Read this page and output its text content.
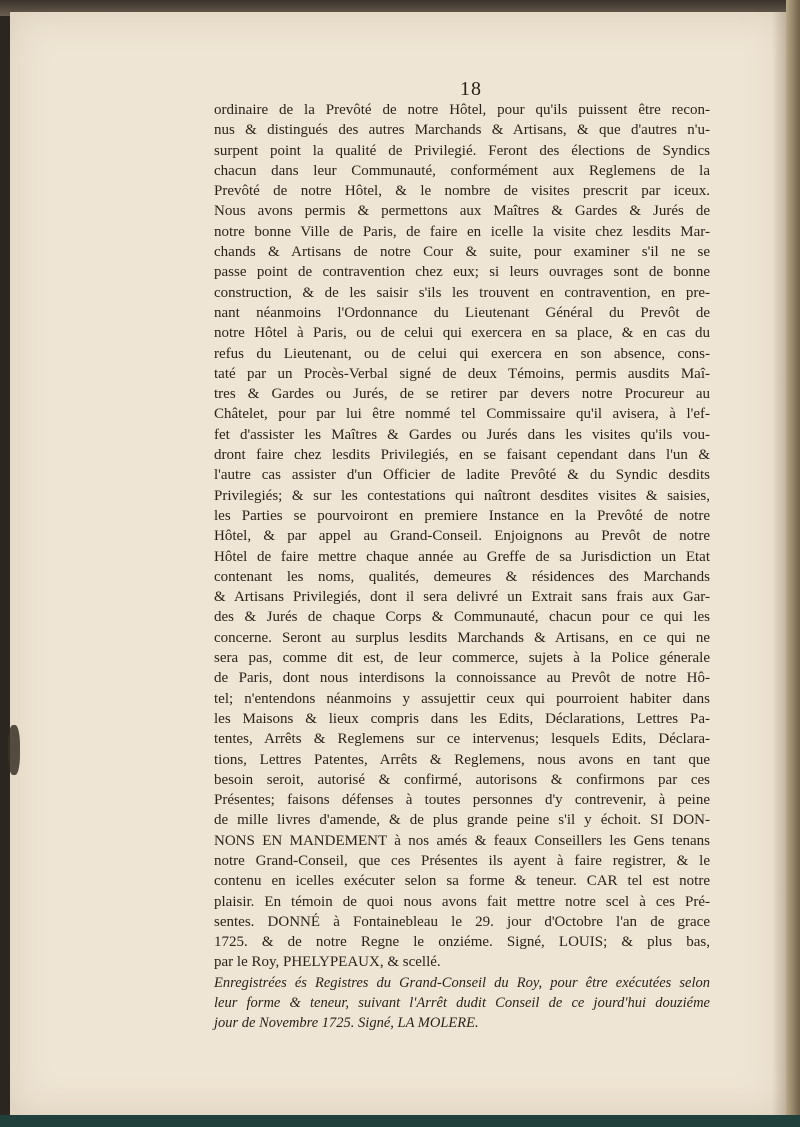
18
ordinaire de la Prevôté de notre Hôtel, pour qu'ils puissent être recon-
nus & distingués des autres Marchands & Artisans, & que d'autres n'u-
surpent point la qualité de Privilegié. Feront des élections de Syndics
chacun dans leur Communauté, conformément aux Reglemens de la
Prevôté de notre Hôtel, & le nombre de visites prescrit par iceux.
Nous avons permis & permettons aux Maîtres & Gardes & Jurés de
notre bonne Ville de Paris, de faire en icelle la visite chez lesdits Mar-
chands & Artisans de notre Cour & suite, pour examiner s'il ne se
passe point de contravention chez eux; si leurs ouvrages sont de bonne
construction, & de les saisir s'ils les trouvent en contravention, en pre-
nant néanmoins l'Ordonnance du Lieutenant Général du Prevôt de
notre Hôtel à Paris, ou de celui qui exercera en sa place, & en cas du
refus du Lieutenant, ou de celui qui exercera en son absence, cons-
taté par un Procès-Verbal signé de deux Témoins, permis ausdits Maî-
tres & Gardes ou Jurés, de se retirer par devers notre Procureur au
Châtelet, pour par lui être nommé tel Commissaire qu'il avisera, à l'ef-
fet d'assister les Maîtres & Gardes ou Jurés dans les visites qu'ils vou-
dront faire chez lesdits Privilegiés, en se faisant cependant dans l'un &
l'autre cas assister d'un Officier de ladite Prevôté & du Syndic desdits
Privilegiés; & sur les contestations qui naîtront desdites visites & saisies,
les Parties se pourvoiront en premiere Instance en la Prevôté de notre
Hôtel, & par appel au Grand-Conseil. Enjoignons au Prevôt de notre
Hôtel de faire mettre chaque année au Greffe de sa Jurisdiction un Etat
contenant les noms, qualités, demeures & résidences des Marchands
& Artisans Privilegiés, dont il sera delivré un Extrait sans frais aux Gar-
des & Jurés de chaque Corps & Communauté, chacun pour ce qui les
concerne. Seront au surplus lesdits Marchands & Artisans, en ce qui ne
sera pas, comme dit est, de leur commerce, sujets à la Police génerale
de Paris, dont nous interdisons la connoissance au Prevôt de notre Hô-
tel; n'entendons néanmoins y assujettir ceux qui pourroient habiter dans
les Maisons & lieux compris dans les Edits, Déclarations, Lettres Pa-
tentes, Arrêts & Reglemens sur ce intervenus; lesquels Edits, Déclara-
tions, Lettres Patentes, Arrêts & Reglemens, nous avons en tant que
besoin seroit, autorisé & confirmé, autorisons & confirmons par ces
Présentes; faisons défenses à toutes personnes d'y contrevenir, à peine
de mille livres d'amende, & de plus grande peine s'il y échoit. SI DON-
NONS EN MANDEMENT à nos amés & feaux Conseillers les Gens tenans
notre Grand-Conseil, que ces Présentes ils ayent à faire registrer, & le
contenu en icelles exécuter selon sa forme & teneur. CAR tel est notre
plaisir. En témoin de quoi nous avons fait mettre notre scel à ces Pré-
sentes. DONNÉ à Fontainebleau le 29. jour d'Octobre l'an de grace
1725. & de notre Regne le onziéme. Signé, LOUIS; & plus bas,
par le Roy, PHELYPEAUX, & scellé.
Enregistrées és Registres du Grand-Conseil du Roy, pour être exécutées selon
leur forme & teneur, suivant l'Arrêt dudit Conseil de ce jourd'hui douziéme
jour de Novembre 1725. Signé, LA MOLERE.
